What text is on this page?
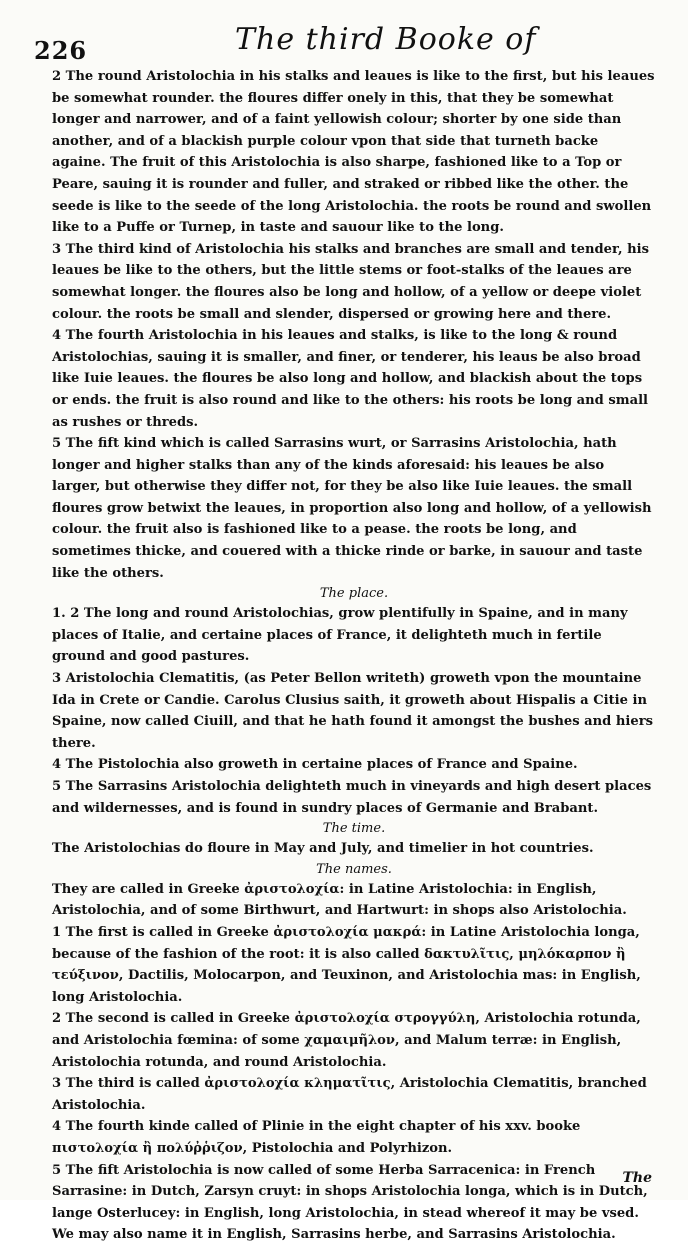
226	The third Booke of

2 The round Aristolochia in his stalks and leaues is like to the first, but his leaues be somewhat rounder. the floures differ onely in this, that they be somewhat longer and narrower, and of a faint yellowish colour; shorter by one side than another, and of a blackish purple colour vpon that side that turneth backe againe. The fruit of this Aristolochia is also sharpe, fashioned like to a Top or Peare, sauing it is rounder and fuller, and straked or ribbed like the other. the seede is like to the seede of the long Aristolochia. the roots be round and swollen like to a Puffe or Turnep, in taste and sauour like to the long.

3 The third kind of Aristolochia his stalks and branches are small and tender, his leaues be like to the others, but the little stems or foot-stalks of the leaues are somewhat longer. the floures also be long and hollow, of a yellow or deepe violet colour. the roots be small and slender, dispersed or growing here and there.

4 The fourth Aristolochia in his leaues and stalks, is like to the long & round Aristolochias, sauing it is smaller, and finer, or tenderer, his leaus be also broad like Iuie leaues. the floures be also long and hollow, and blackish about the tops or ends. the fruit is also round and like to the others: his roots be long and small as rushes or threds.

5 The fift kind which is called Sarrasins wurt, or Sarrasins Aristolochia, hath longer and higher stalks than any of the kinds aforesaid: his leaues be also larger, but otherwise they differ not, for they be also like Iuie leaues. the small floures grow betwixt the leaues, in proportion also long and hollow, of a yellowish colour. the fruit also is fashioned like to a pease. the roots be long, and sometimes thicke, and couered with a thicke rinde or barke, in sauour and taste like the others.

The place.

1. 2 The long and round Aristolochias, grow plentifully in Spaine, and in many places of Italie, and certaine places of France, it delighteth much in fertile ground and good pastures.

3 Aristolochia Clematitis, (as Peter Bellon writeth) groweth vpon the mountaine Ida in Crete or Candie. Carolus Clusius saith, it groweth about Hispalis a Citie in Spaine, now called Ciuill, and that he hath found it amongst the bushes and hiers there.

4 The Pistolochia also groweth in certaine places of France and Spaine.

5 The Sarrasins Aristolochia delighteth much in vineyards and high desert places and wildernesses, and is found in sundry places of Germanie and Brabant.

The time.

The Aristolochias do floure in May and July, and timelier in hot countries.

The names.

They are called in Greeke ἀριστολοχία: in Latine Aristolochia: in English, Aristolochia, and of some Birthwurt, and Hartwurt: in shops also Aristolochia.

1 The first is called in Greeke ἀριστολοχία μακρά: in Latine Aristolochia longa, because of the fashion of the root: it is also called δακτυλῖτις, μηλόκαρπον ἢ τεύξινον, Dactilis, Molocarpon, and Teuxinon, and Aristolochia mas: in English, long Aristolochia.

2 The second is called in Greeke ἀριστολοχία στρογγύλη, Aristolochia rotunda, and Aristolochia fœmina: of some χαμαιμῆλον, and Malum terræ: in English, Aristolochia rotunda, and round Aristolochia.

3 The third is called ἀριστολοχία κληματῖτις, Aristolochia Clematitis, branched Aristolochia.

4 The fourth kinde called of Plinie in the eight chapter of his xxv. booke πιστολοχία ἢ πολύῤῥιζον, Pistolochia and Polyrhizon.

5 The fift Aristolochia is now called of some Herba Sarracenica: in French Sarrasine: in Dutch, Zarsyn cruyt: in shops Aristolochia longa, which is in Dutch, lange Osterlucey: in English, long Aristolochia, in stead whereof it may be vsed. We may also name it in English, Sarrasins herbe, and Sarrasins Aristolochia.

The
